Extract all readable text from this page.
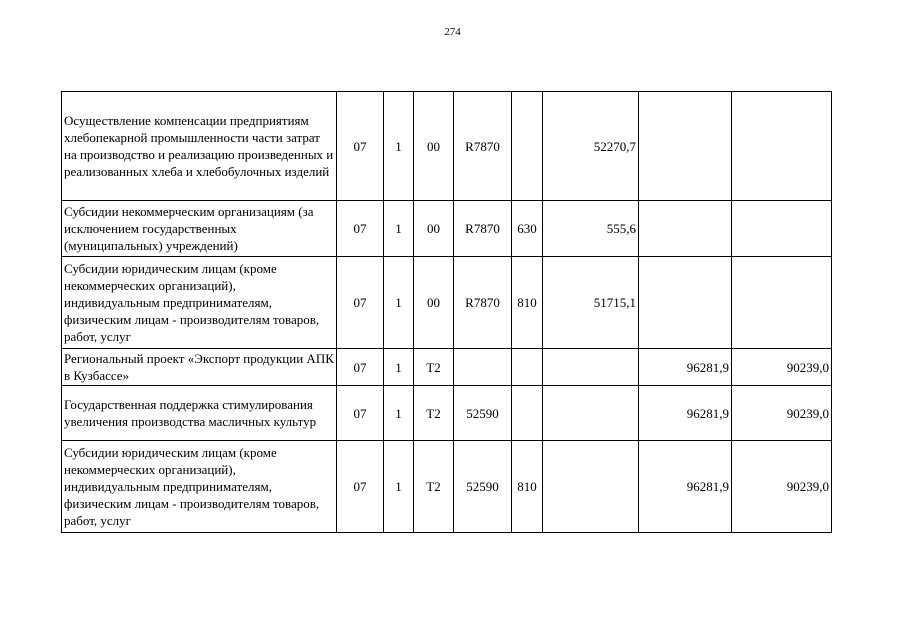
274
Осуществление компенсации предприятиям хлебопекарной промышленности части затрат на производство и реализацию произведенных и реализованных хлеба и хлебобулочных изделий	07	1	00	R7870		52270,7		
Субсидии некоммерческим организациям (за исключением государственных (муниципальных) учреждений)	07	1	00	R7870	630	555,6		
Субсидии юридическим лицам (кроме некоммерческих организаций), индивидуальным предпринимателям, физическим лицам - производителям товаров, работ, услуг	07	1	00	R7870	810	51715,1		
Региональный проект «Экспорт продукции АПК в Кузбассе»	07	1	T2				96281,9	90239,0
Государственная поддержка стимулирования увеличения производства масличных культур	07	1	T2	52590			96281,9	90239,0
Субсидии юридическим лицам (кроме некоммерческих организаций), индивидуальным предпринимателям, физическим лицам - производителям товаров, работ, услуг	07	1	T2	52590	810		96281,9	90239,0
